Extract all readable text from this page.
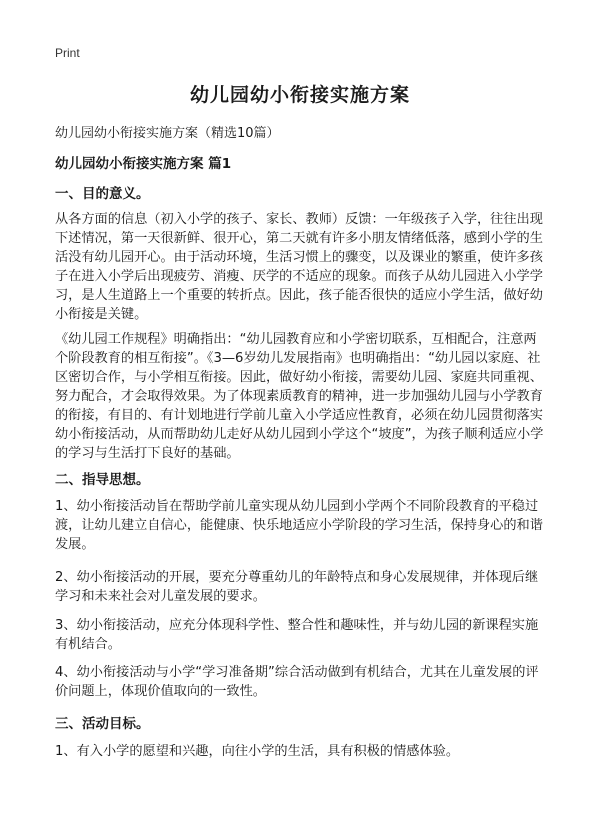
Print
幼儿园幼小衔接实施方案
幼儿园幼小衔接实施方案（精选10篇）
幼儿园幼小衔接实施方案 篇1
一、目的意义。
从各方面的信息（初入小学的孩子、家长、教师）反馈：一年级孩子入学，往往出现下述情况，第一天很新鲜、很开心，第二天就有许多小朋友情绪低落，感到小学的生活没有幼儿园开心。由于活动环境，生活习惯上的骤变，以及课业的繁重，使许多孩子在进入小学后出现疲劳、消瘦、厌学的不适应的现象。而孩子从幼儿园进入小学学习，是人生道路上一个重要的转折点。因此，孩子能否很快的适应小学生活，做好幼小衔接是关键。
《幼儿园工作规程》明确指出：“幼儿园教育应和小学密切联系，互相配合，注意两个阶段教育的相互衔接”。《3—6岁幼儿发展指南》也明确指出：“幼儿园以家庭、社区密切合作，与小学相互衔接。因此，做好幼小衔接，需要幼儿园、家庭共同重视、努力配合，才会取得效果。为了体现素质教育的精神，进一步加强幼儿园与小学教育的衔接，有目的、有计划地进行学前儿童入小学适应性教育，必须在幼儿园贯彻落实幼小衔接活动，从而帮助幼儿走好从幼儿园到小学这个“坡度”，为孩子顺利适应小学的学习与生活打下良好的基础。
二、指导思想。
1、幼小衔接活动旨在帮助学前儿童实现从幼儿园到小学两个不同阶段教育的平稳过渡，让幼儿建立自信心，能健康、快乐地适应小学阶段的学习生活，保持身心的和谐发展。
2、幼小衔接活动的开展，要充分尊重幼儿的年龄特点和身心发展规律，并体现后继学习和未来社会对儿童发展的要求。
3、幼小衔接活动，应充分体现科学性、整合性和趣味性，并与幼儿园的新课程实施有机结合。
4、幼小衔接活动与小学“学习准备期”综合活动做到有机结合，尤其在儿童发展的评价问题上，体现价值取向的一致性。
三、活动目标。
1、有入小学的愿望和兴趣，向往小学的生活，具有积极的情感体验。
